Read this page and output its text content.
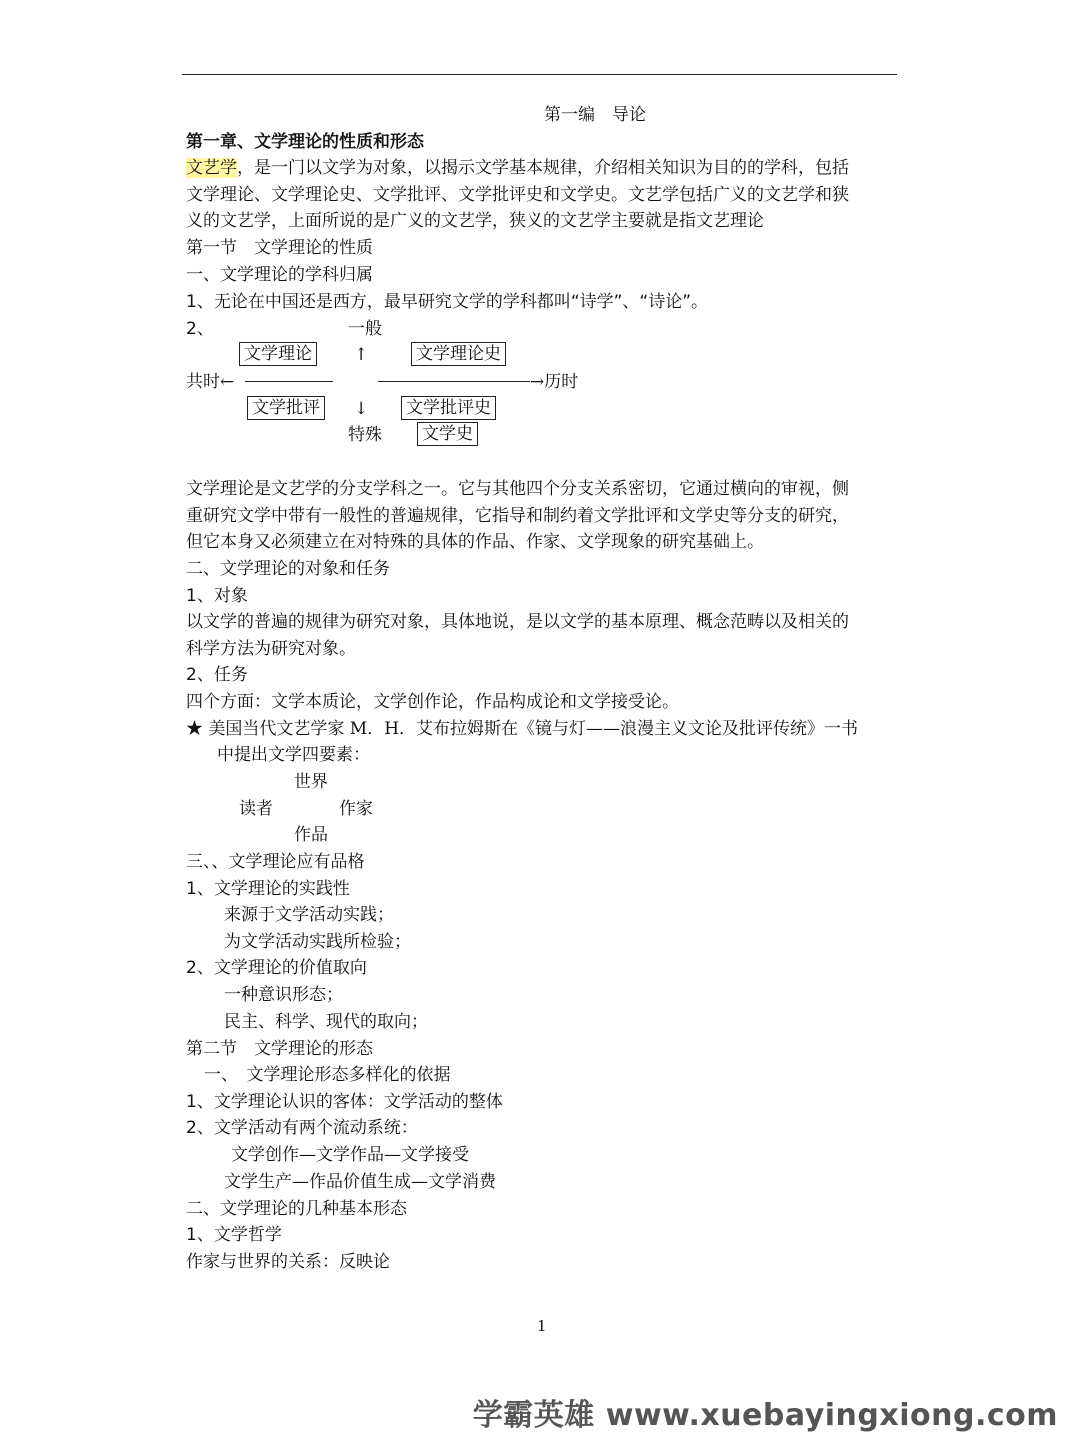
第一编　导论
第一章、文学理论的性质和形态
文艺学，是一门以文学为对象，以揭示文学基本规律，介绍相关知识为目的的学科，包括
文学理论、文学理论史、文学批评、文学批评史和文学史。文艺学包括广义的文艺学和狭
义的文艺学，上面所说的是广义的文艺学，狭义的文艺学主要就是指文艺理论
第一节　文学理论的性质
一、文学理论的学科归属
1、无论在中国还是西方，最早研究文学的学科都叫“诗学”、“诗论”。
2、	一般
文学理论 ↑	文学理论史
共时←	→历时
文学批评 ↓ 文学批评史
特殊 文学史
文学理论是文艺学的分支学科之一。它与其他四个分支关系密切，它通过横向的审视，侧
重研究文学中带有一般性的普遍规律，它指导和制约着文学批评和文学史等分支的研究，
但它本身又必须建立在对特殊的具体的作品、作家、文学现象的研究基础上。
二、文学理论的对象和任务
1、对象
以文学的普遍的规律为研究对象，具体地说，是以文学的基本原理、概念范畴以及相关的
科学方法为研究对象。
2、任务
四个方面：文学本质论，文学创作论，作品构成论和文学接受论。
★ 美国当代文艺学家 M．H．艾布拉姆斯在《镜与灯——浪漫主义文论及批评传统》一书
中提出文学四要素：
世界
读者	作家
作品
三、、文学理论应有品格
1、文学理论的实践性
来源于文学活动实践；
为文学活动实践所检验；
2、文学理论的价值取向
一种意识形态；
民主、科学、现代的取向；
第二节　文学理论的形态
一、　文学理论形态多样化的依据
1、文学理论认识的客体：文学活动的整体
2、文学活动有两个流动系统：
文学创作—文学作品—文学接受
文学生产—作品价值生成—文学消费
二、文学理论的几种基本形态
1、文学哲学
作家与世界的关系：反映论
1
学霸英雄 www.xuebayingxiong.com
